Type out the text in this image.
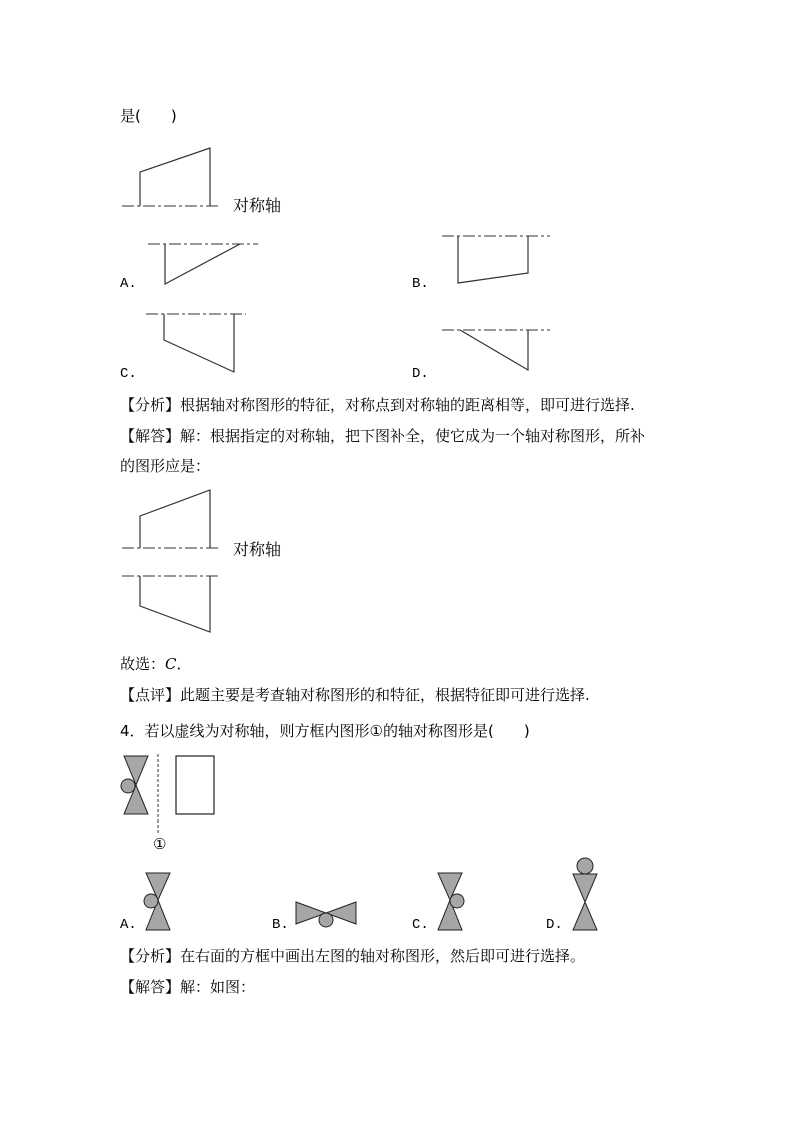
是(　　)
对称轴
A.	B.
C.	D.
【分析】根据轴对称图形的特征，对称点到对称轴的距离相等，即可进行选择.
【解答】解：根据指定的对称轴，把下图补全，使它成为一个轴对称图形，所补
的图形应是：
对称轴
故选：C．
【点评】此题主要是考查轴对称图形的和特征，根据特征即可进行选择.
4．若以虚线为对称轴，则方框内图形①的轴对称图形是(　　)
①
A.	B.	C.	D.
【分析】在右面的方框中画出左图的轴对称图形，然后即可进行选择。
【解答】解：如图：
